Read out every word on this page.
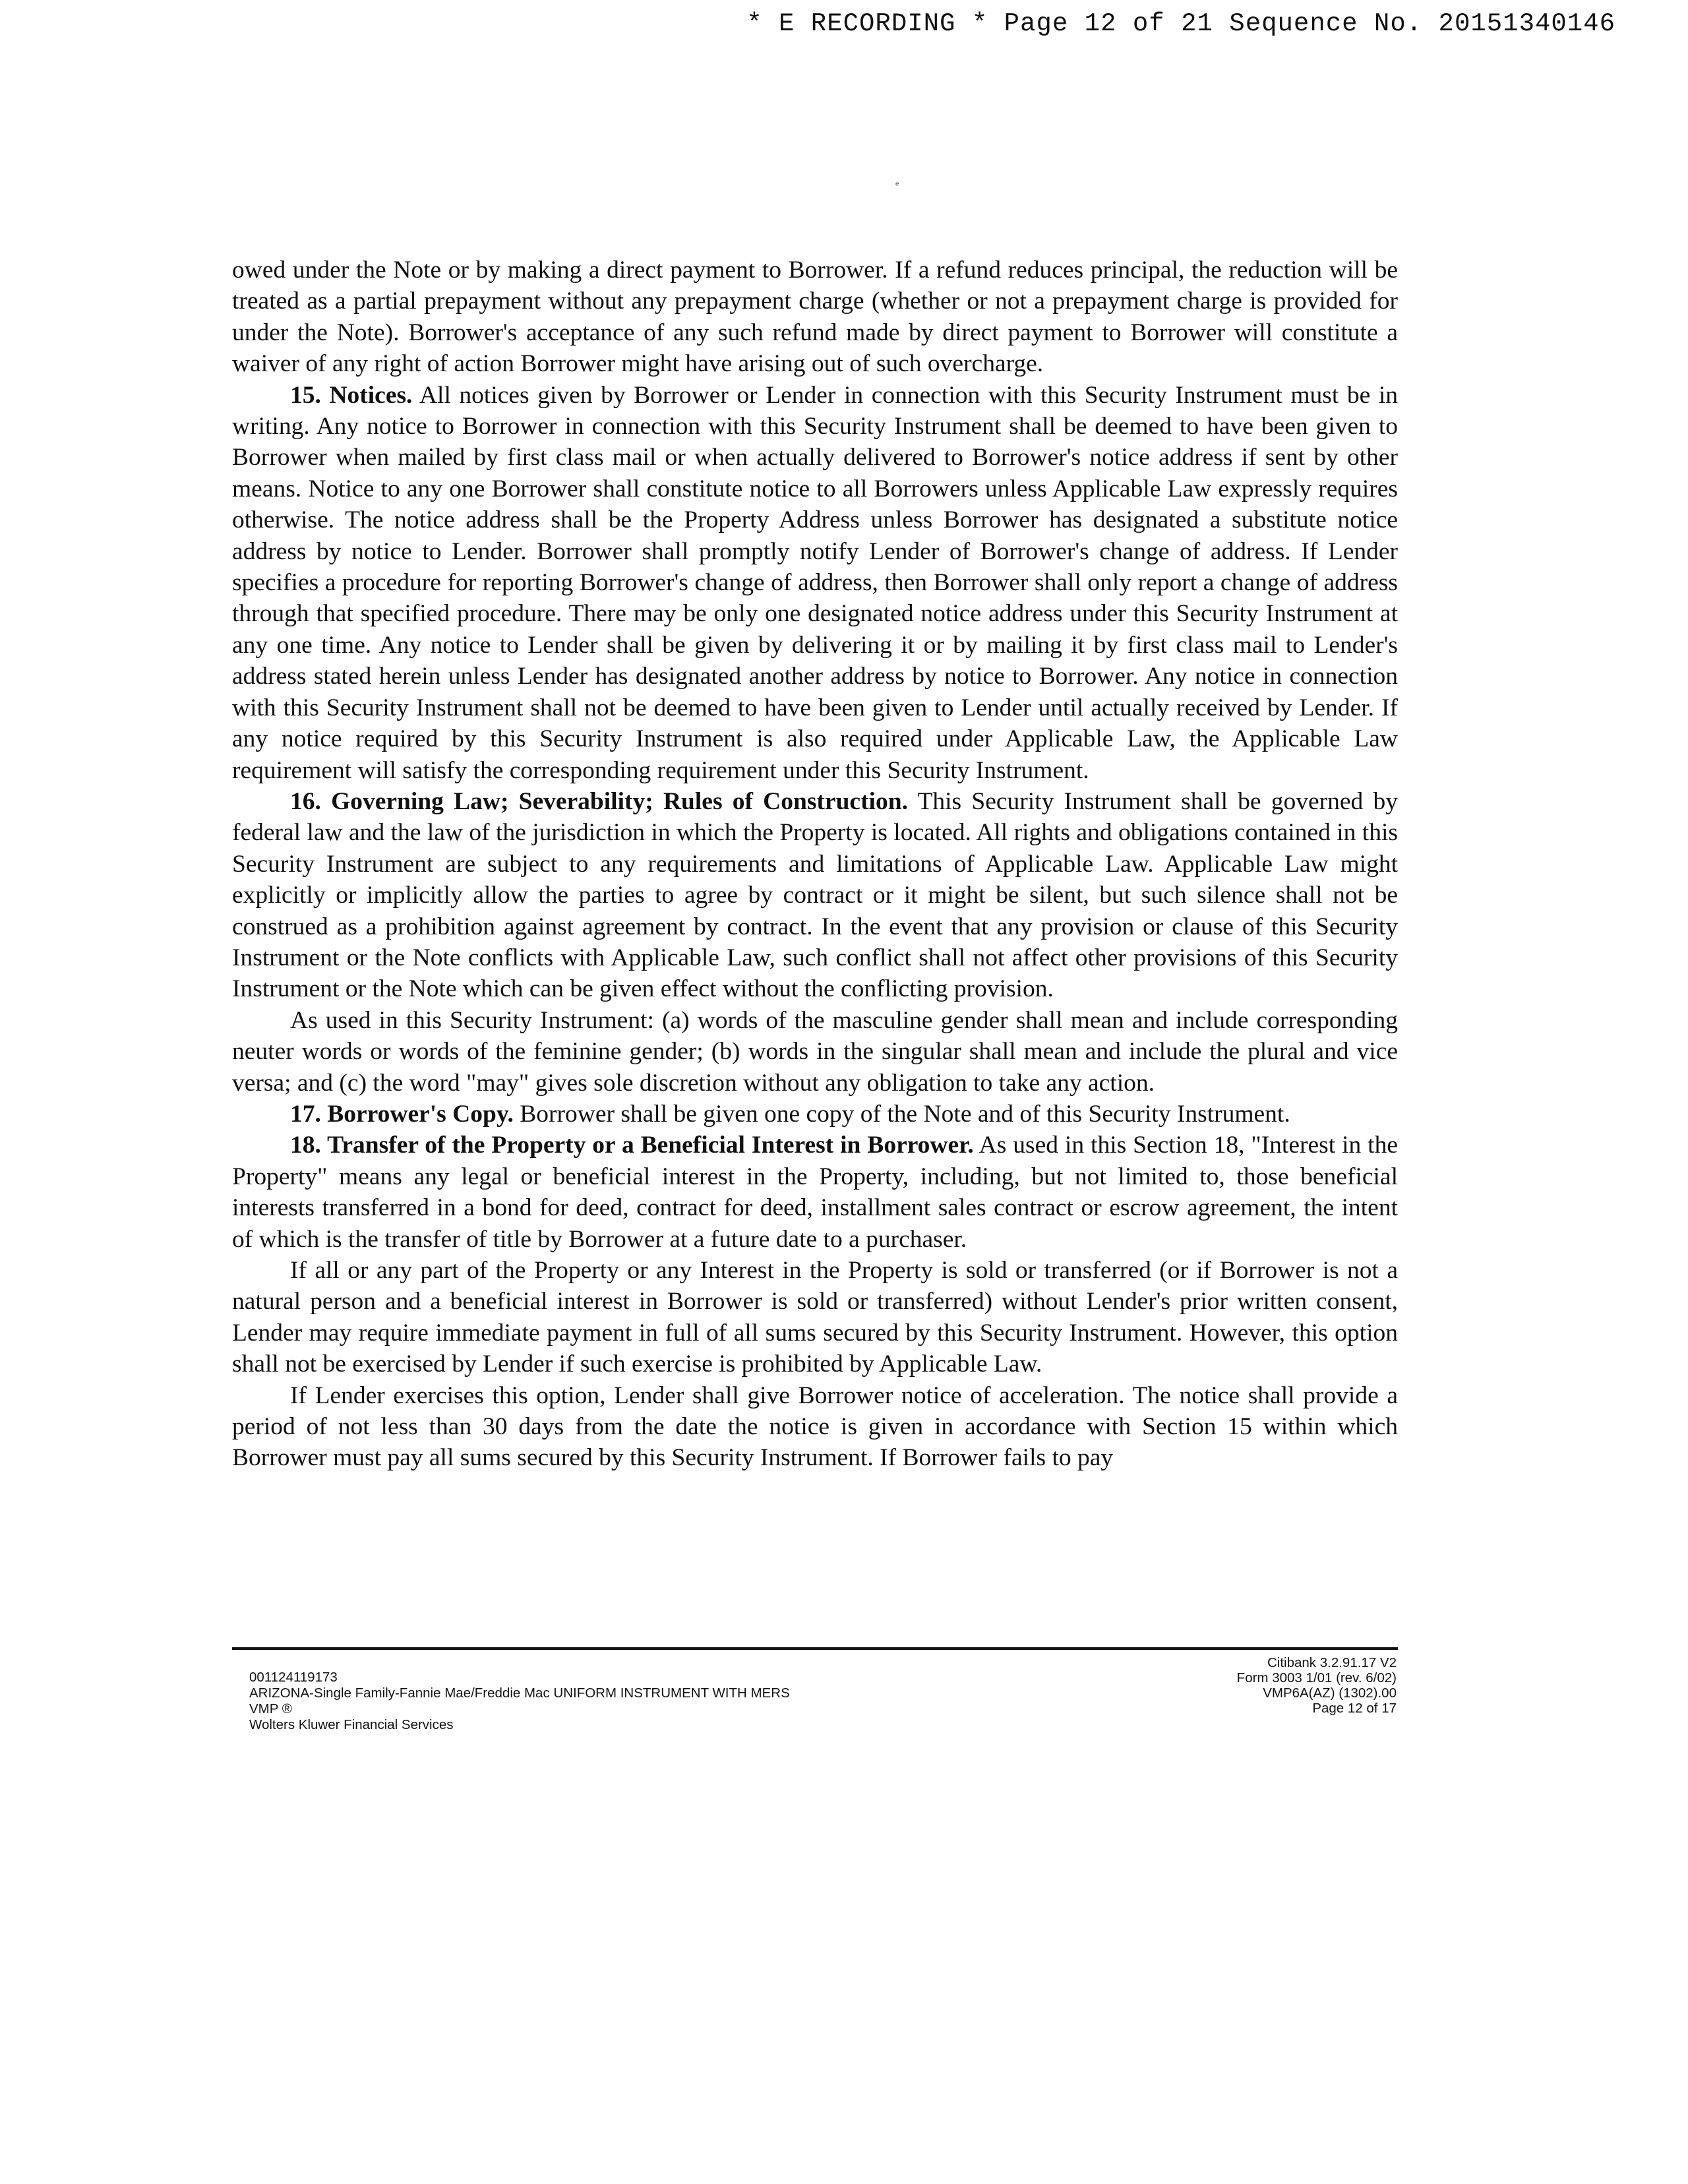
* E RECORDING * Page 12 of 21 Sequence No. 20151340146
ᵉ

owed under the Note or by making a direct payment to Borrower. If a refund reduces principal, the reduction will be treated as a partial prepayment without any prepayment charge (whether or not a prepayment charge is provided for under the Note). Borrower's acceptance of any such refund made by direct payment to Borrower will constitute a waiver of any right of action Borrower might have arising out of such overcharge.

15. Notices. All notices given by Borrower or Lender in connection with this Security Instrument must be in writing. Any notice to Borrower in connection with this Security Instrument shall be deemed to have been given to Borrower when mailed by first class mail or when actually delivered to Borrower's notice address if sent by other means. Notice to any one Borrower shall constitute notice to all Borrowers unless Applicable Law expressly requires otherwise. The notice address shall be the Property Address unless Borrower has designated a substitute notice address by notice to Lender. Borrower shall promptly notify Lender of Borrower's change of address. If Lender specifies a procedure for reporting Borrower's change of address, then Borrower shall only report a change of address through that specified procedure. There may be only one designated notice address under this Security Instrument at any one time. Any notice to Lender shall be given by delivering it or by mailing it by first class mail to Lender's address stated herein unless Lender has designated another address by notice to Borrower. Any notice in connection with this Security Instrument shall not be deemed to have been given to Lender until actually received by Lender. If any notice required by this Security Instrument is also required under Applicable Law, the Applicable Law requirement will satisfy the corresponding requirement under this Security Instrument.

16. Governing Law; Severability; Rules of Construction. This Security Instrument shall be governed by federal law and the law of the jurisdiction in which the Property is located. All rights and obligations contained in this Security Instrument are subject to any requirements and limitations of Applicable Law. Applicable Law might explicitly or implicitly allow the parties to agree by contract or it might be silent, but such silence shall not be construed as a prohibition against agreement by contract. In the event that any provision or clause of this Security Instrument or the Note conflicts with Applicable Law, such conflict shall not affect other provisions of this Security Instrument or the Note which can be given effect without the conflicting provision.

As used in this Security Instrument: (a) words of the masculine gender shall mean and include corresponding neuter words or words of the feminine gender; (b) words in the singular shall mean and include the plural and vice versa; and (c) the word "may" gives sole discretion without any obligation to take any action.

17. Borrower's Copy. Borrower shall be given one copy of the Note and of this Security Instrument.

18. Transfer of the Property or a Beneficial Interest in Borrower. As used in this Section 18, "Interest in the Property" means any legal or beneficial interest in the Property, including, but not limited to, those beneficial interests transferred in a bond for deed, contract for deed, installment sales contract or escrow agreement, the intent of which is the transfer of title by Borrower at a future date to a purchaser.

If all or any part of the Property or any Interest in the Property is sold or transferred (or if Borrower is not a natural person and a beneficial interest in Borrower is sold or transferred) without Lender's prior written consent, Lender may require immediate payment in full of all sums secured by this Security Instrument. However, this option shall not be exercised by Lender if such exercise is prohibited by Applicable Law.

If Lender exercises this option, Lender shall give Borrower notice of acceleration. The notice shall provide a period of not less than 30 days from the date the notice is given in accordance with Section 15 within which Borrower must pay all sums secured by this Security Instrument. If Borrower fails to pay

001124119173
ARIZONA-Single Family-Fannie Mae/Freddie Mac UNIFORM INSTRUMENT WITH MERS
VMP ®
Wolters Kluwer Financial Services
Citibank 3.2.91.17 V2
Form 3003 1/01 (rev. 6/02)
VMP6A(AZ) (1302).00
Page 12 of 17
